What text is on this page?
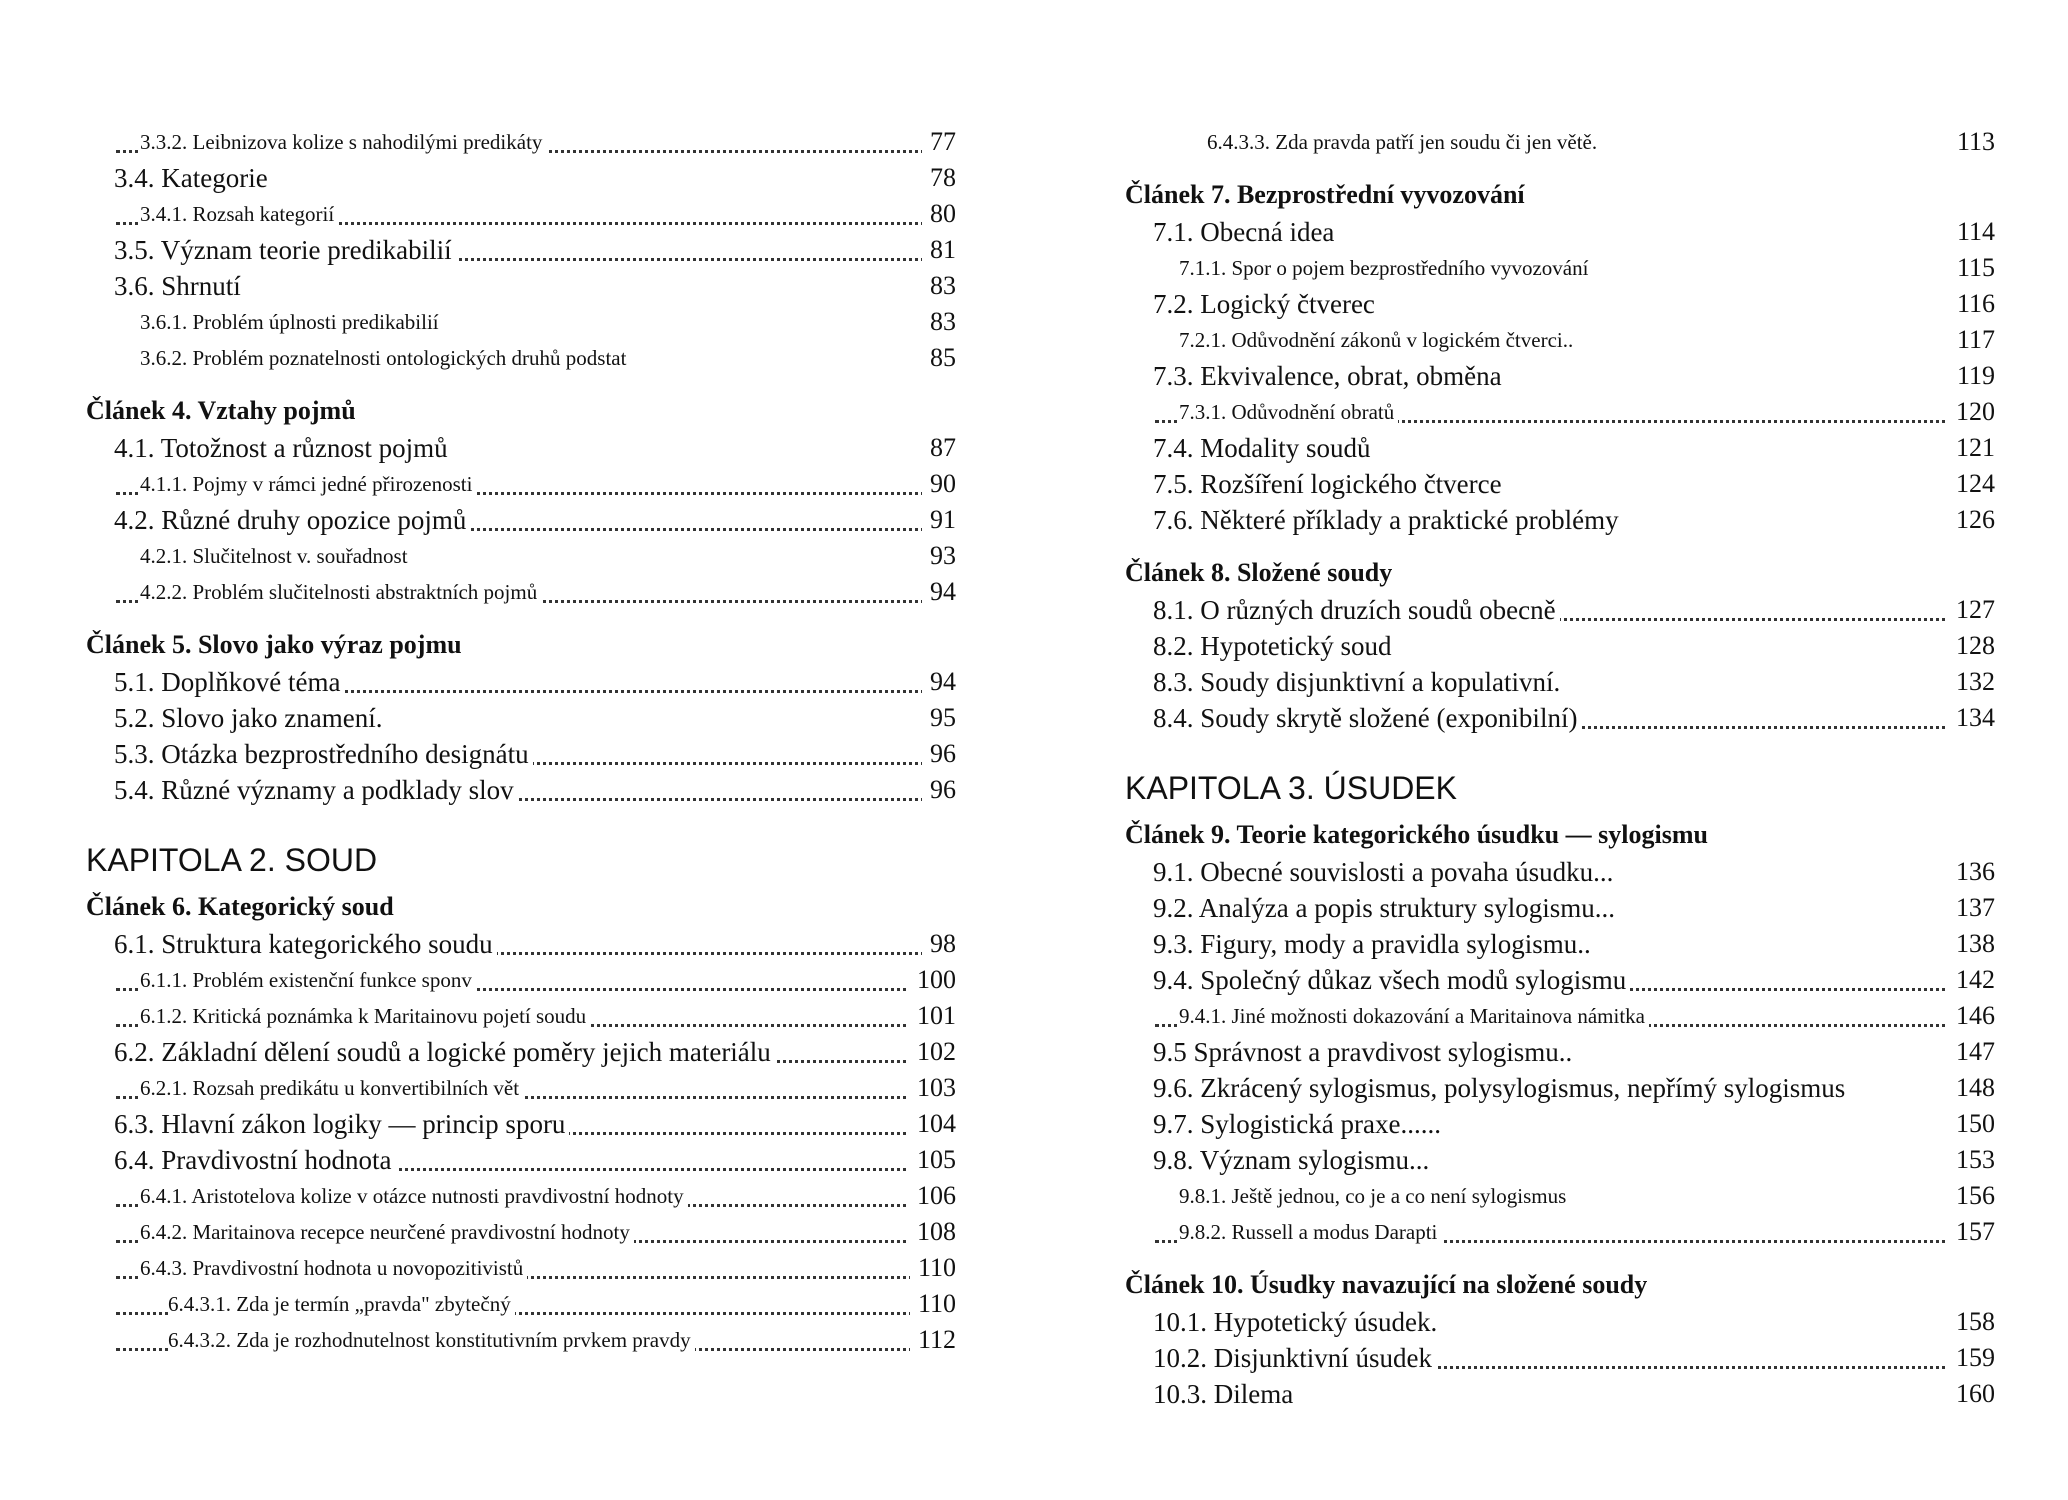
3.3.2. Leibnizova kolize s nahodilými predikáty	77
3.4. Kategorie	78
3.4.1. Rozsah kategorií	80
3.5. Význam teorie predikabilií	81
3.6. Shrnutí	83
3.6.1. Problém úplnosti predikabilií	83
3.6.2. Problém poznatelnosti ontologických druhů podstat	85
Článek 4. Vztahy pojmů
4.1. Totožnost a různost pojmů	87
4.1.1. Pojmy v rámci jedné přirozenosti	90
4.2. Různé druhy opozice pojmů	91
4.2.1. Slučitelnost v. souřadnost	93
4.2.2. Problém slučitelnosti abstraktních pojmů	94
Článek 5. Slovo jako výraz pojmu
5.1. Doplňkové téma	94
5.2. Slovo jako znamení.	95
5.3. Otázka bezprostředního designátu	96
5.4. Různé významy a podklady slov	96
KAPITOLA 2. SOUD
Článek 6. Kategorický soud
6.1. Struktura kategorického soudu	98
6.1.1. Problém existenční funkce sponv	100
6.1.2. Kritická poznámka k Maritainovu pojetí soudu	101
6.2. Základní dělení soudů a logické poměry jejich materiálu	102
6.2.1. Rozsah predikátu u konvertibilních vět	103
6.3. Hlavní zákon logiky — princip sporu	104
6.4. Pravdivostní hodnota	105
6.4.1. Aristotelova kolize v otázce nutnosti pravdivostní hodnoty	106
6.4.2. Maritainova recepce neurčené pravdivostní hodnoty	108
6.4.3. Pravdivostní hodnota u novopozitivistů	110
6.4.3.1. Zda je termín „pravda" zbytečný	110
6.4.3.2. Zda je rozhodnutelnost konstitutivním prvkem pravdy	112
6.4.3.3. Zda pravda patří jen soudu či jen větě.	113
Článek 7. Bezprostřední vyvozování
7.1. Obecná idea	114
7.1.1. Spor o pojem bezprostředního vyvozování	115
7.2. Logický čtverec	116
7.2.1. Odůvodnění zákonů v logickém čtverci..	117
7.3. Ekvivalence, obrat, obměna	119
7.3.1. Odůvodnění obratů	120
7.4. Modality soudů	121
7.5. Rozšíření logického čtverce	124
7.6. Některé příklady a praktické problémy	126
Článek 8. Složené soudy
8.1. O různých druzích soudů obecně	127
8.2. Hypotetický soud	128
8.3. Soudy disjunktivní a kopulativní.	132
8.4. Soudy skrytě složené (exponibilní)	134
KAPITOLA 3. ÚSUDEK
Článek 9. Teorie kategorického úsudku — sylogismu
9.1. Obecné souvislosti a povaha úsudku...	136
9.2. Analýza a popis struktury sylogismu...	137
9.3. Figury, mody a pravidla sylogismu..	138
9.4. Společný důkaz všech modů sylogismu	142
9.4.1. Jiné možnosti dokazování a Maritainova námitka	146
9.5 Správnost a pravdivost sylogismu..	147
9.6. Zkrácený sylogismus, polysylogismus, nepřímý sylogismus	148
9.7. Sylogistická praxe......	150
9.8. Význam sylogismu...	153
9.8.1. Ještě jednou, co je a co není sylogismus	156
9.8.2. Russell a modus Darapti	157
Článek 10. Úsudky navazující na složené soudy
10.1. Hypotetický úsudek.	158
10.2. Disjunktivní úsudek	159
10.3. Dilema	160
